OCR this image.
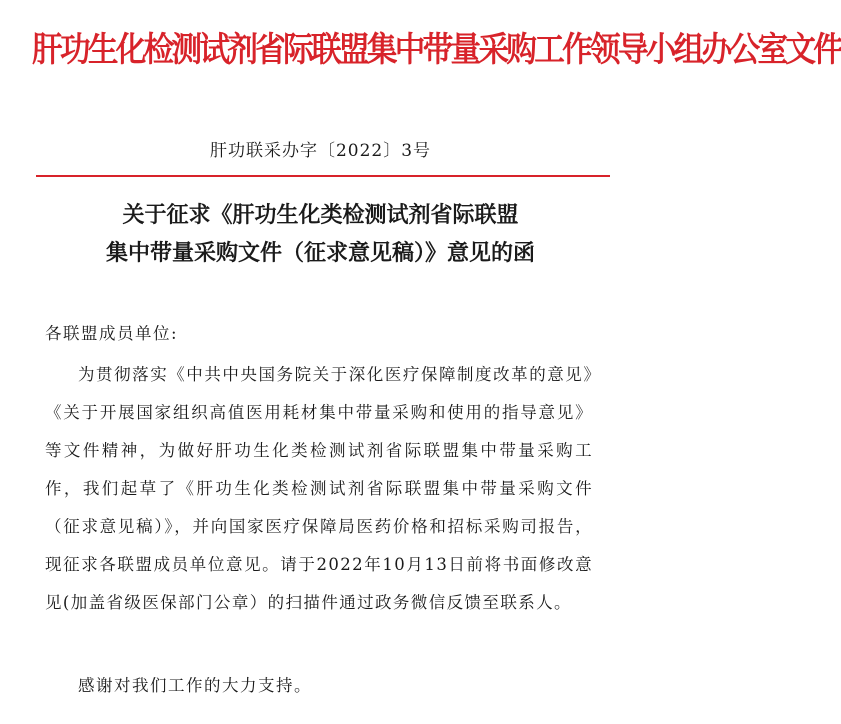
肝功生化检测试剂省际联盟集中带量采购工作领导小组办公室文件
肝功联采办字〔2022〕3号
关于征求《肝功生化类检测试剂省际联盟
集中带量采购文件（征求意见稿）》意见的函
各联盟成员单位:

为贯彻落实《中共中央国务院关于深化医疗保障制度改革的意见》《关于开展国家组织高值医用耗材集中带量采购和使用的指导意见》等文件精神，为做好肝功生化类检测试剂省际联盟集中带量采购工作，我们起草了《肝功生化类检测试剂省际联盟集中带量采购文件（征求意见稿）》，并向国家医疗保障局医药价格和招标采购司报告，现征求各联盟成员单位意见。请于2022年10月13日前将书面修改意见(加盖省级医保部门公章）的扫描件通过政务微信反馈至联系人。

感谢对我们工作的大力支持。
